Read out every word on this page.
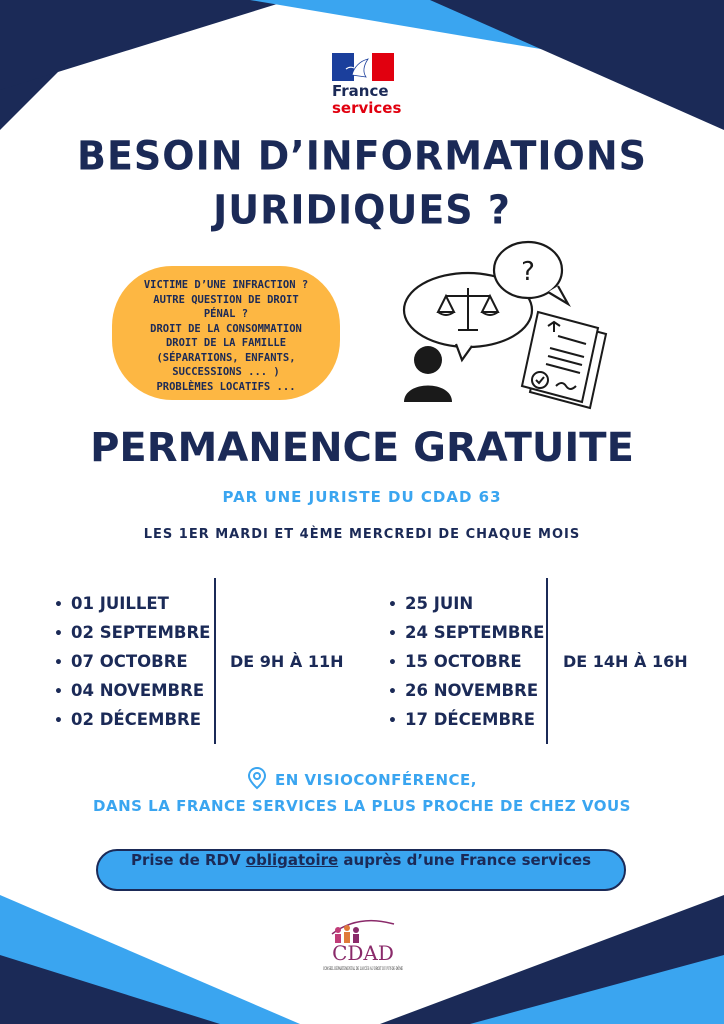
France
services
BESOIN D’INFORMATIONS
JURIDIQUES ?
VICTIME D’UNE INFRACTION ?
AUTRE QUESTION DE DROIT
PÉNAL ?
DROIT DE LA CONSOMMATION
DROIT DE LA FAMILLE
(SÉPARATIONS, ENFANTS,
SUCCESSIONS ... )
PROBLÈMES LOCATIFS ...
?
PERMANENCE GRATUITE
PAR UNE JURISTE DU CDAD 63
LES 1ER MARDI ET 4ÈME MERCREDI DE CHAQUE MOIS
• 01 JUILLET
• 02 SEPTEMBRE
• 07 OCTOBRE
• 04 NOVEMBRE
• 02 DÉCEMBRE
DE 9H À 11H
• 25 JUIN
• 24 SEPTEMBRE
• 15 OCTOBRE
• 26 NOVEMBRE
• 17 DÉCEMBRE
DE 14H À 16H
EN VISIOCONFÉRENCE,
DANS LA FRANCE SERVICES LA PLUS PROCHE DE CHEZ VOUS
Prise de RDV obligatoire auprès d’une France services
CDAD
CONSEIL DÉPARTEMENTAL DE L’ACCÈS AU DROIT DU PUY-DE-DÔME
